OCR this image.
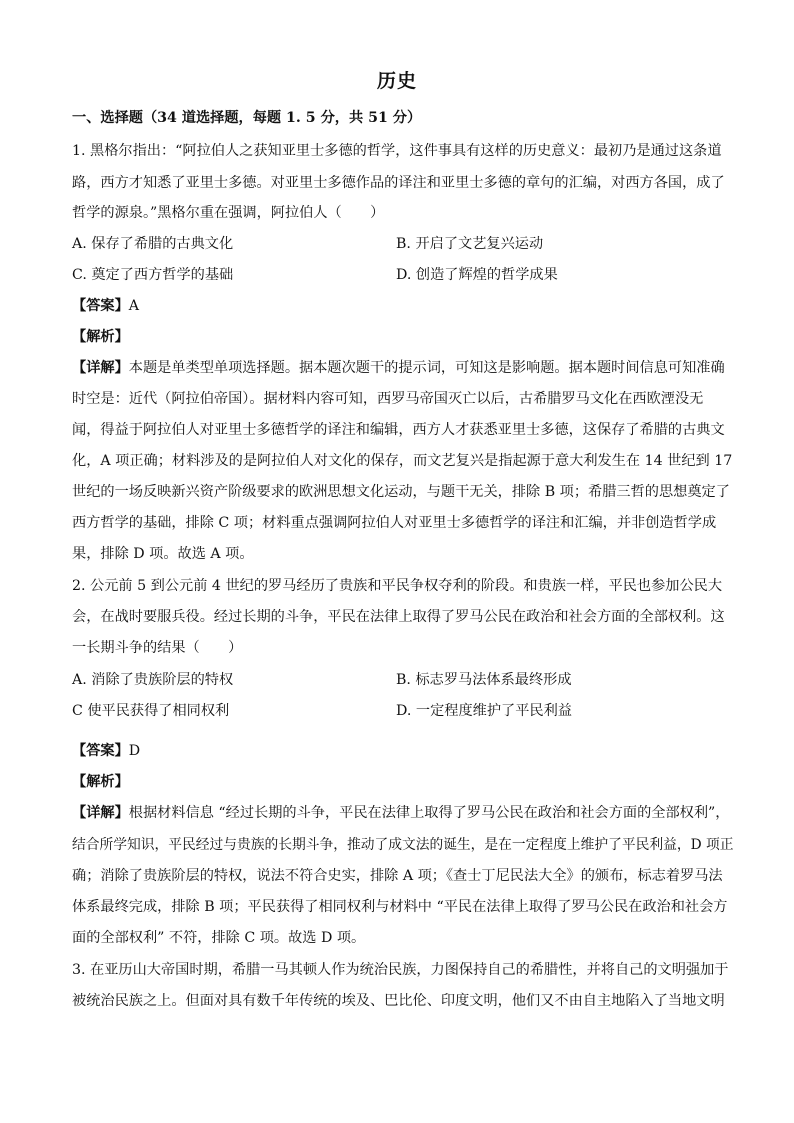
历史
一、选择题（34 道选择题，每题 1. 5 分，共 51 分）
1. 黑格尔指出：“阿拉伯人之获知亚里士多德的哲学，这件事具有这样的历史意义：最初乃是通过这条道
路，西方才知悉了亚里士多德。对亚里士多德作品的译注和亚里士多德的章句的汇编，对西方各国，成了
哲学的源泉。”黑格尔重在强调，阿拉伯人（　　）
A. 保存了希腊的古典文化	B. 开启了文艺复兴运动
C. 奠定了西方哲学的基础	D. 创造了辉煌的哲学成果
【答案】A
【解析】
【详解】本题是单类型单项选择题。据本题次题干的提示词，可知这是影响题。据本题时间信息可知准确
时空是：近代（阿拉伯帝国）。据材料内容可知，西罗马帝国灭亡以后，古希腊罗马文化在西欧湮没无
闻，得益于阿拉伯人对亚里士多德哲学的译注和编辑，西方人才获悉亚里士多德，这保存了希腊的古典文
化，A 项正确；材料涉及的是阿拉伯人对文化的保存，而文艺复兴是指起源于意大利发生在 14 世纪到 17
世纪的一场反映新兴资产阶级要求的欧洲思想文化运动，与题干无关，排除 B 项；希腊三哲的思想奠定了
西方哲学的基础，排除 C 项；材料重点强调阿拉伯人对亚里士多德哲学的译注和汇编，并非创造哲学成
果，排除 D 项。故选 A 项。
2. 公元前 5 到公元前 4 世纪的罗马经历了贵族和平民争权夺利的阶段。和贵族一样，平民也参加公民大
会，在战时要服兵役。经过长期的斗争，平民在法律上取得了罗马公民在政治和社会方面的全部权利。这
一长期斗争的结果（　　）
A. 消除了贵族阶层的特权	B. 标志罗马法体系最终形成
C 使平民获得了相同权利	D. 一定程度维护了平民利益
【答案】D
【解析】
【详解】根据材料信息 “经过长期的斗争，平民在法律上取得了罗马公民在政治和社会方面的全部权利”，
结合所学知识，平民经过与贵族的长期斗争，推动了成文法的诞生，是在一定程度上维护了平民利益，D 项正
确；消除了贵族阶层的特权，说法不符合史实，排除 A 项；《查士丁尼民法大全》的颁布，标志着罗马法
体系最终完成，排除 B 项；平民获得了相同权利与材料中 “平民在法律上取得了罗马公民在政治和社会方
面的全部权利” 不符，排除 C 项。故选 D 项。
3. 在亚历山大帝国时期，希腊一马其顿人作为统治民族，力图保持自己的希腊性，并将自己的文明强加于
被统治民族之上。但面对具有数千年传统的埃及、巴比伦、印度文明，他们又不由自主地陷入了当地文明
